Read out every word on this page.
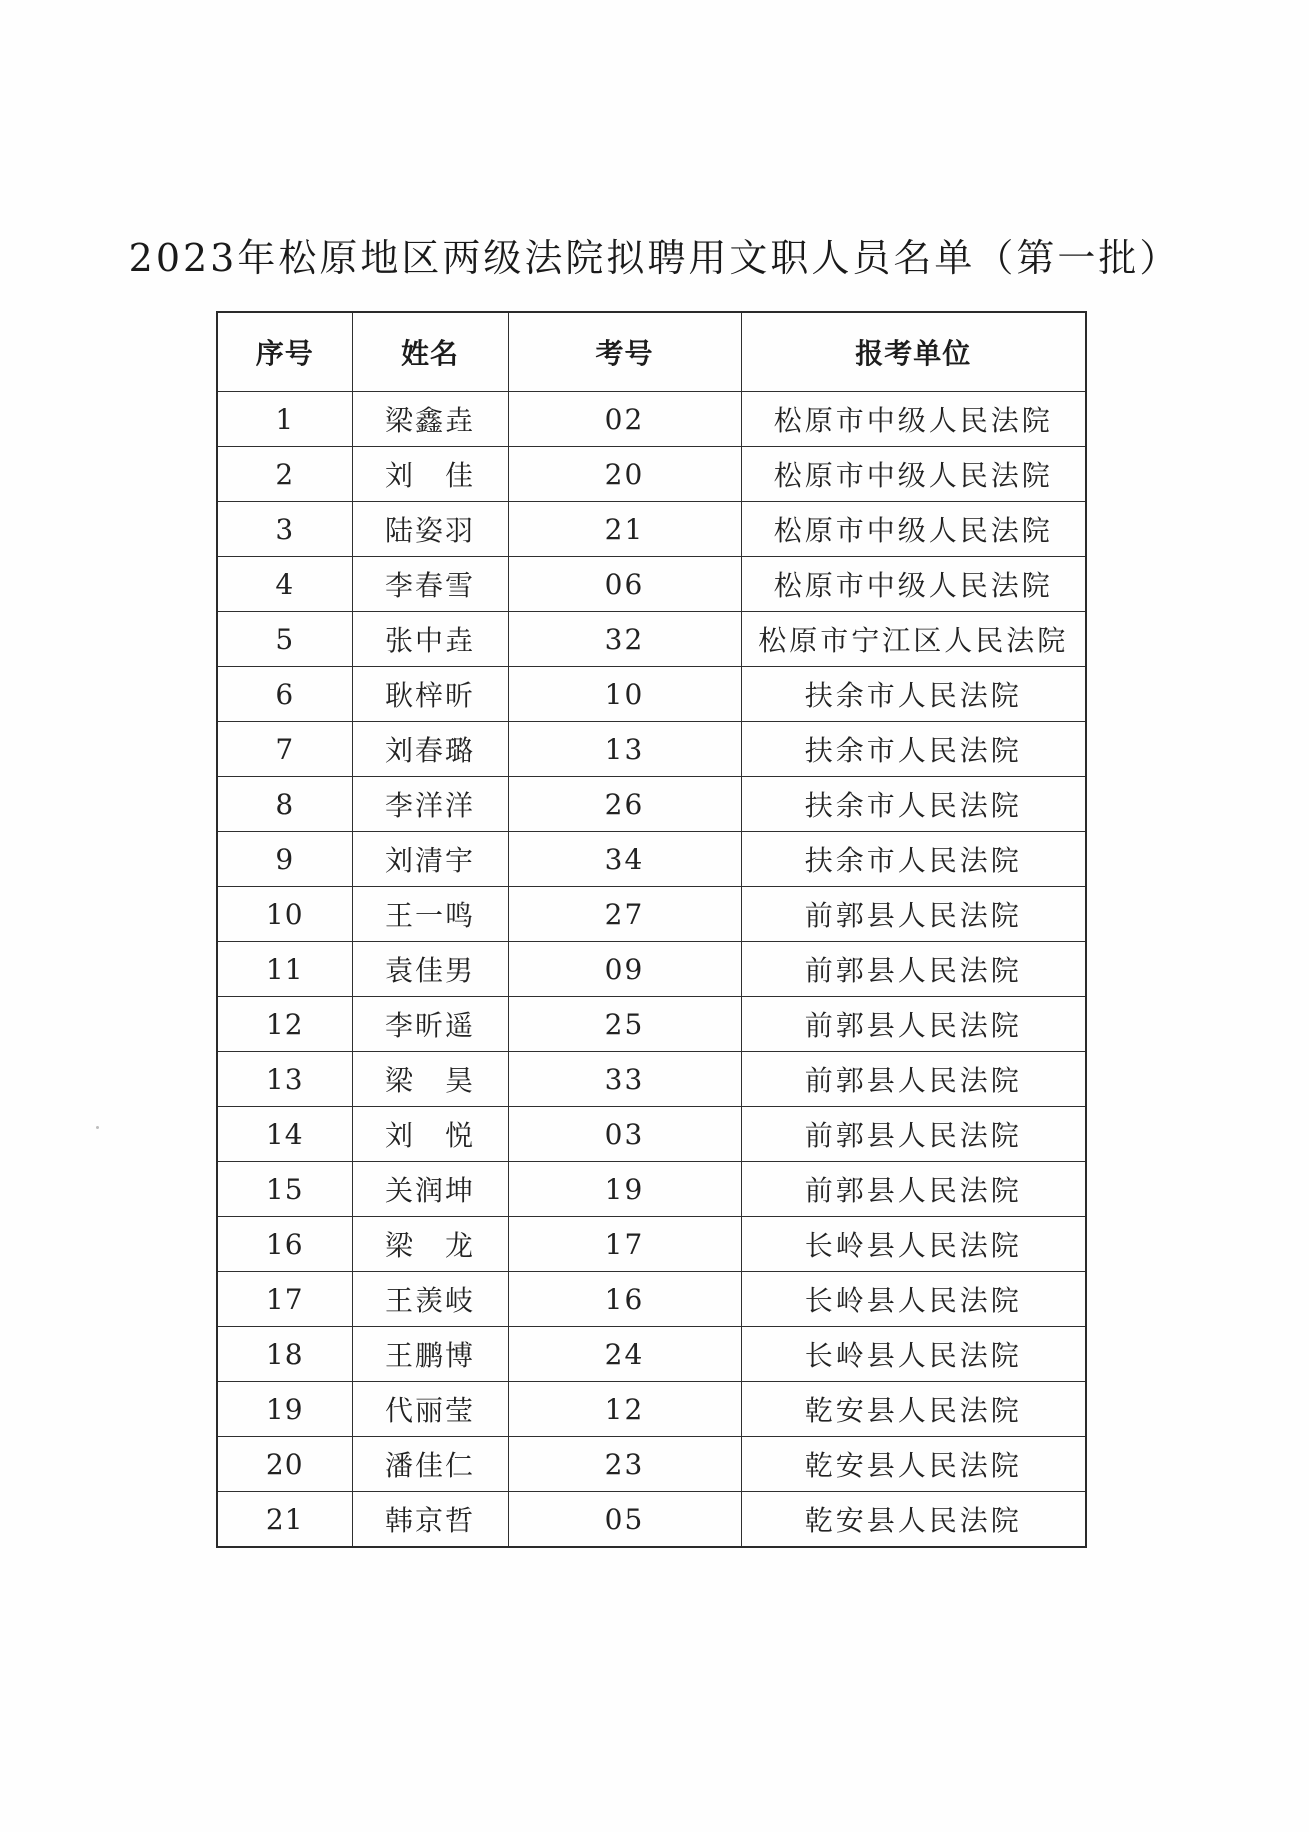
2023年松原地区两级法院拟聘用文职人员名单（第一批）
序号	姓名	考号	报考单位
1	梁鑫垚	02	松原市中级人民法院
2	刘　佳	20	松原市中级人民法院
3	陆姿羽	21	松原市中级人民法院
4	李春雪	06	松原市中级人民法院
5	张中垚	32	松原市宁江区人民法院
6	耿梓昕	10	扶余市人民法院
7	刘春璐	13	扶余市人民法院
8	李洋洋	26	扶余市人民法院
9	刘清宇	34	扶余市人民法院
10	王一鸣	27	前郭县人民法院
11	袁佳男	09	前郭县人民法院
12	李昕遥	25	前郭县人民法院
13	梁　昊	33	前郭县人民法院
14	刘　悦	03	前郭县人民法院
15	关润坤	19	前郭县人民法院
16	梁　龙	17	长岭县人民法院
17	王羡岐	16	长岭县人民法院
18	王鹏博	24	长岭县人民法院
19	代丽莹	12	乾安县人民法院
20	潘佳仁	23	乾安县人民法院
21	韩京哲	05	乾安县人民法院
